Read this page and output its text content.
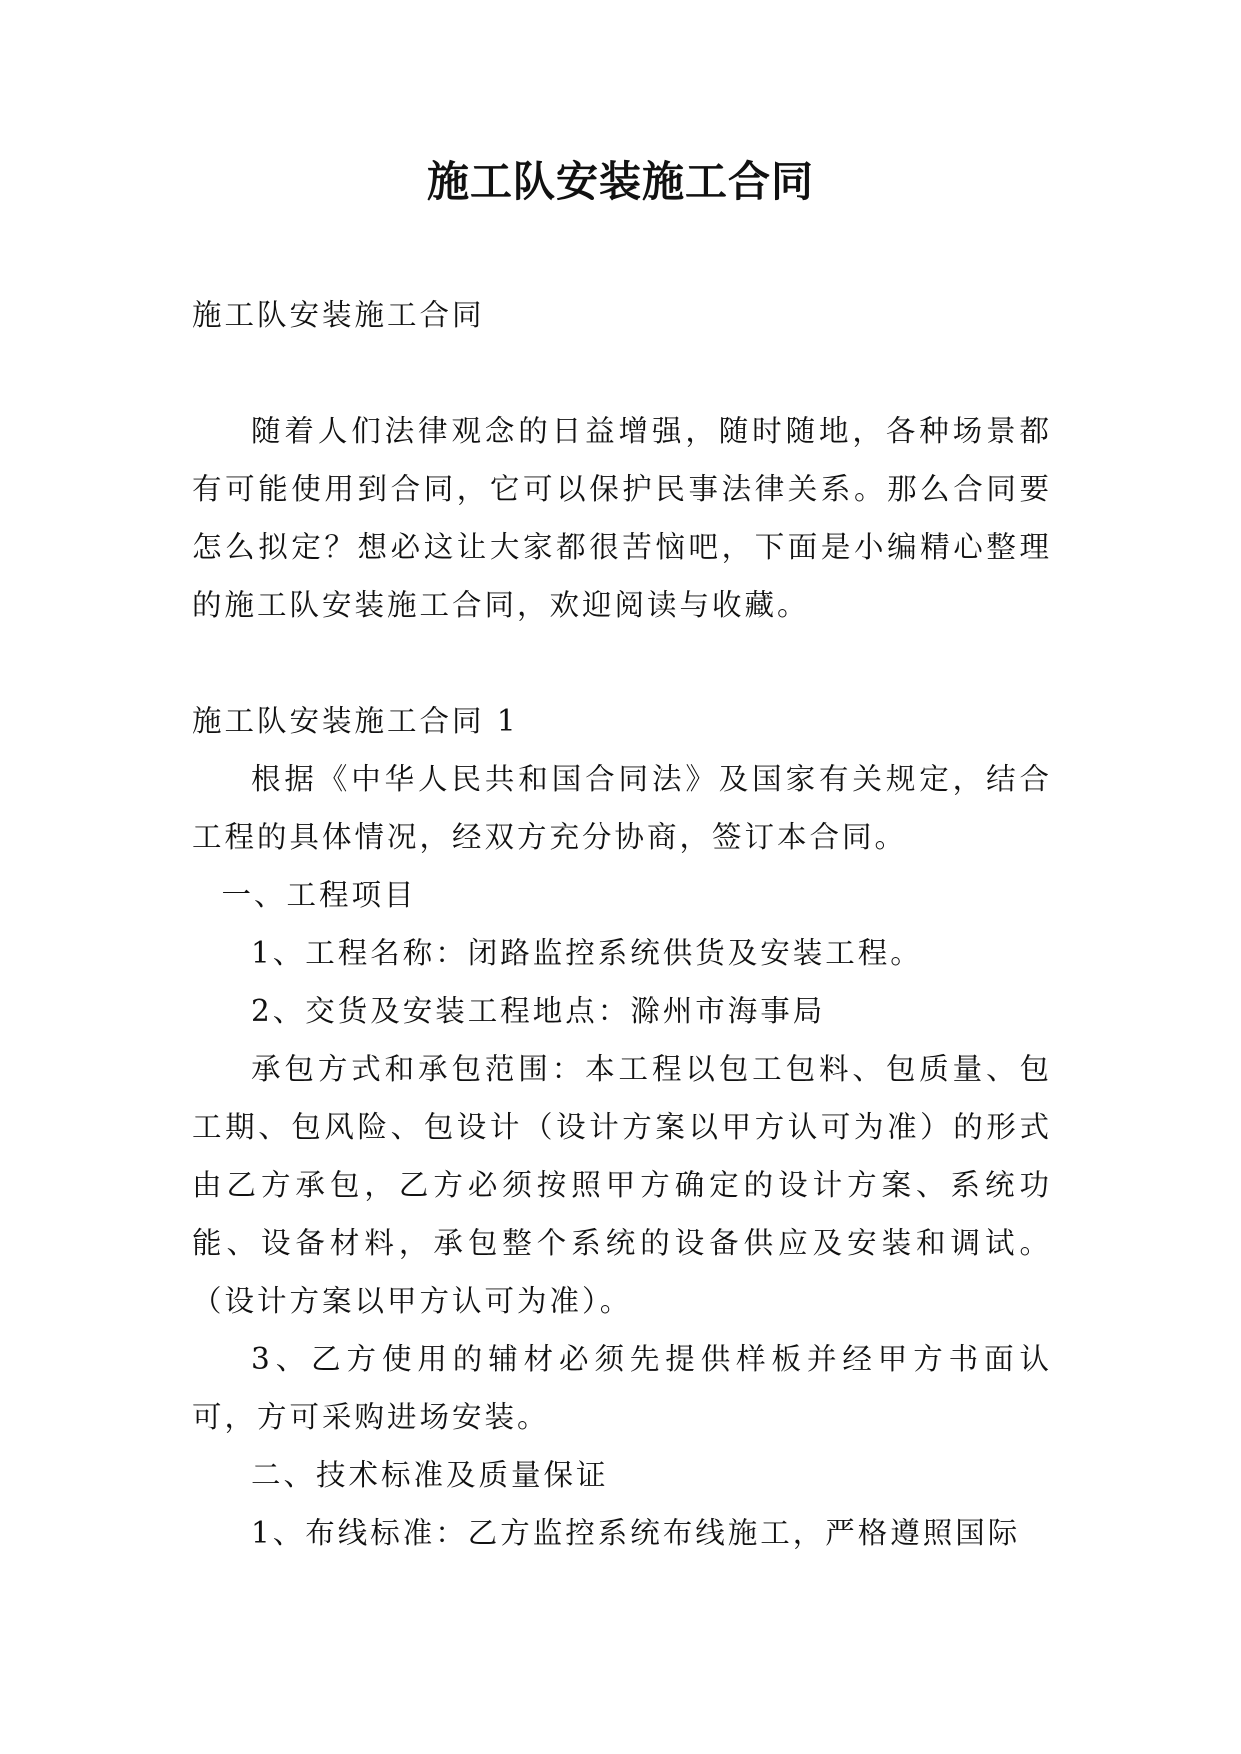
施工队安装施工合同

施工队安装施工合同

随着人们法律观念的日益增强，随时随地，各种场景都有可能使用到合同，它可以保护民事法律关系。那么合同要怎么拟定？想必这让大家都很苦恼吧，下面是小编精心整理的施工队安装施工合同，欢迎阅读与收藏。

施工队安装施工合同 1

根据《中华人民共和国合同法》及国家有关规定，结合工程的具体情况，经双方充分协商，签订本合同。

一、工程项目

1、工程名称：闭路监控系统供货及安装工程。

2、交货及安装工程地点：滁州市海事局

承包方式和承包范围：本工程以包工包料、包质量、包工期、包风险、包设计（设计方案以甲方认可为准）的形式由乙方承包，乙方必须按照甲方确定的设计方案、系统功能、设备材料，承包整个系统的设备供应及安装和调试。（设计方案以甲方认可为准）。

3、乙方使用的辅材必须先提供样板并经甲方书面认可，方可采购进场安装。

二、技术标准及质量保证

1、布线标准：乙方监控系统布线施工，严格遵照国际
